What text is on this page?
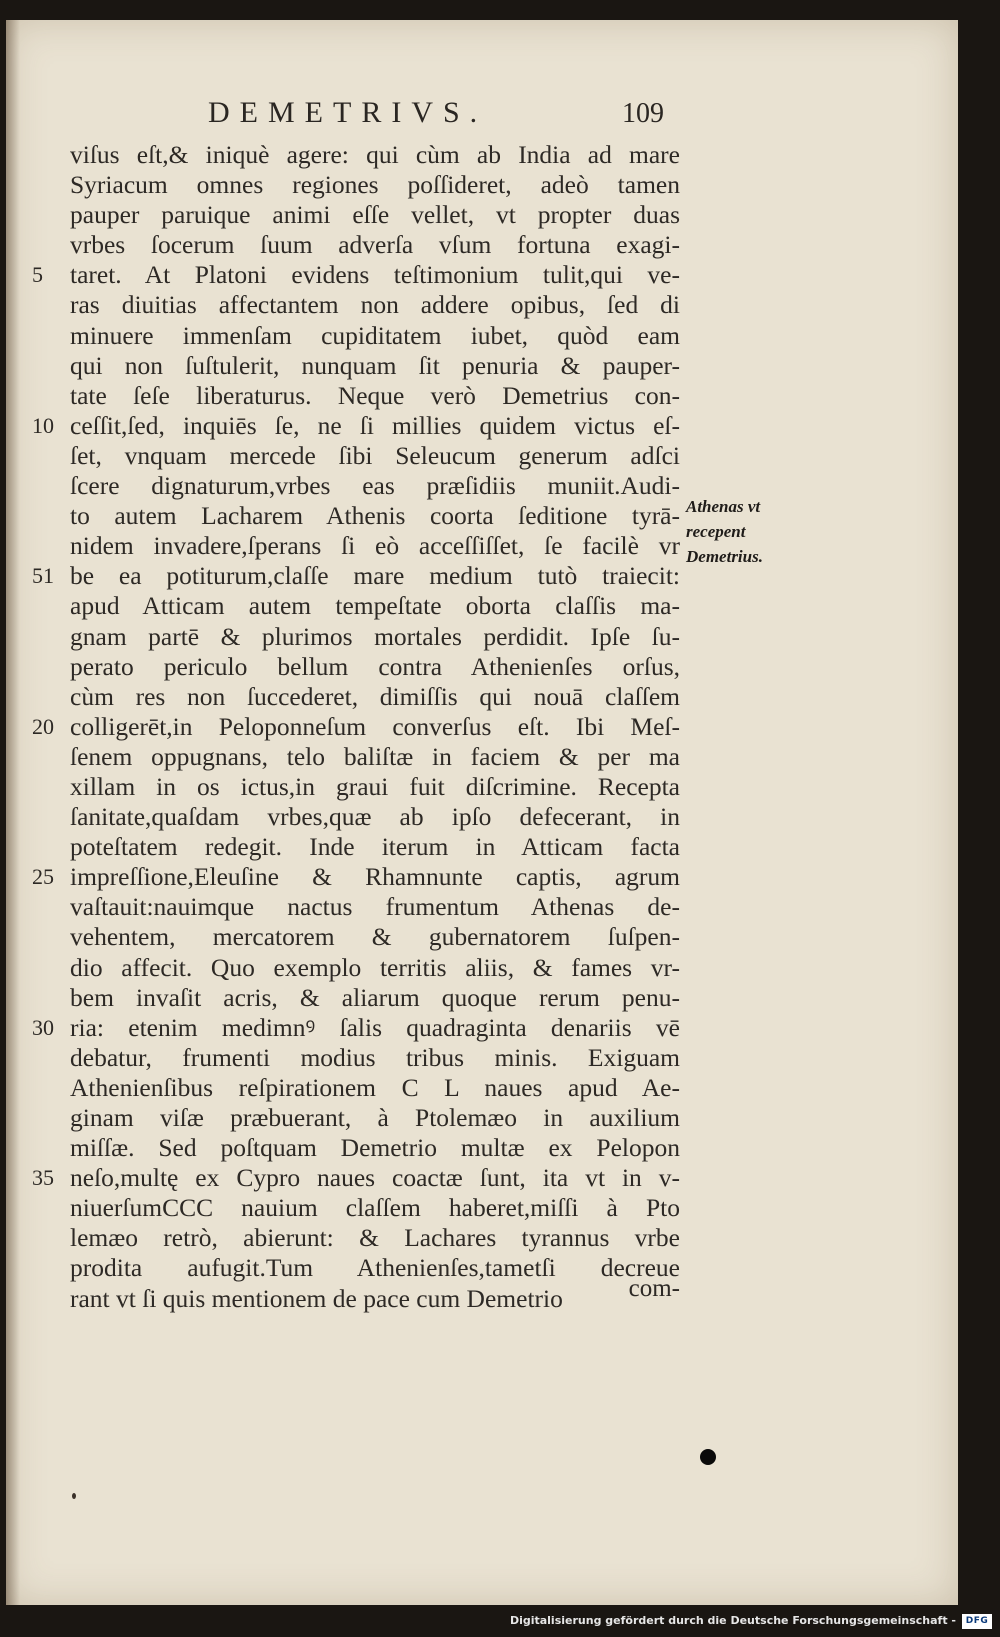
DEMETRIVS.	109
viſus eſt,& iniquè agere: qui cùm ab India ad mare
Syriacum omnes regiones poſſideret, adeò tamen
pauper paruique animi eſſe vellet, vt propter duas
vrbes ſocerum ſuum adverſa vſum fortuna exagi-
5 taret. At Platoni evidens teſtimonium tulit,qui ve-
ras diuitias affectantem non addere opibus, ſed di
minuere immenſam cupiditatem iubet, quòd eam
qui non ſuſtulerit, nunquam ſit penuria & pauper-
tate ſeſe liberaturus. Neque verò Demetrius con-
10 ceſſit,ſed, inquiēs ſe, ne ſi millies quidem victus eſ-
ſet, vnquam mercede ſibi Seleucum generum adſci
ſcere dignaturum,vrbes eas præſidiis muniit.Audi-
to autem Lacharem Athenis coorta ſeditione tyrā-
nidem invadere,ſperans ſi eò acceſſiſſet, ſe facilè vr
51 be ea potiturum,claſſe mare medium tutò traiecit:
apud Atticam autem tempeſtate oborta claſſis ma-
gnam partē & plurimos mortales perdidit. Ipſe ſu-
perato periculo bellum contra Athenienſes orſus,
cùm res non ſuccederet, dimiſſis qui nouā claſſem
20 colligerēt,in Peloponneſum converſus eſt. Ibi Meſ-
ſenem oppugnans, telo baliſtæ in faciem & per ma
xillam in os ictus,in graui fuit diſcrimine. Recepta
ſanitate,quaſdam vrbes,quæ ab ipſo defecerant, in
poteſtatem redegit. Inde iterum in Atticam facta
25 impreſſione,Eleuſine & Rhamnunte captis, agrum
vaſtauit:nauimque nactus frumentum Athenas de-
vehentem, mercatorem & gubernatorem ſuſpen-
dio affecit. Quo exemplo territis aliis, & fames vr-
bem invaſit acris, & aliarum quoque rerum penu-
30 ria: etenim medimnꝰ ſalis quadraginta denariis vē
debatur, frumenti modius tribus minis. Exiguam
Athenienſibus reſpirationem C L naues apud Ae-
ginam viſæ præbuerant, à Ptolemæo in auxilium
miſſæ. Sed poſtquam Demetrio multæ ex Pelopon
35 neſo,multę ex Cypro naues coactæ ſunt, ita vt in v-
niuerſumCCC nauium claſſem haberet,miſſi à Pto
lemæo retrò, abierunt: & Lachares tyrannus vrbe
prodita aufugit.Tum Athenienſes,tametſi decreue
rant vt ſi quis mentionem de pace cum Demetrio	com-
Athenas vt
recepent
Demetrius.
Digitalisierung gefördert durch die Deutsche Forschungsgemeinschaft -	DFG
